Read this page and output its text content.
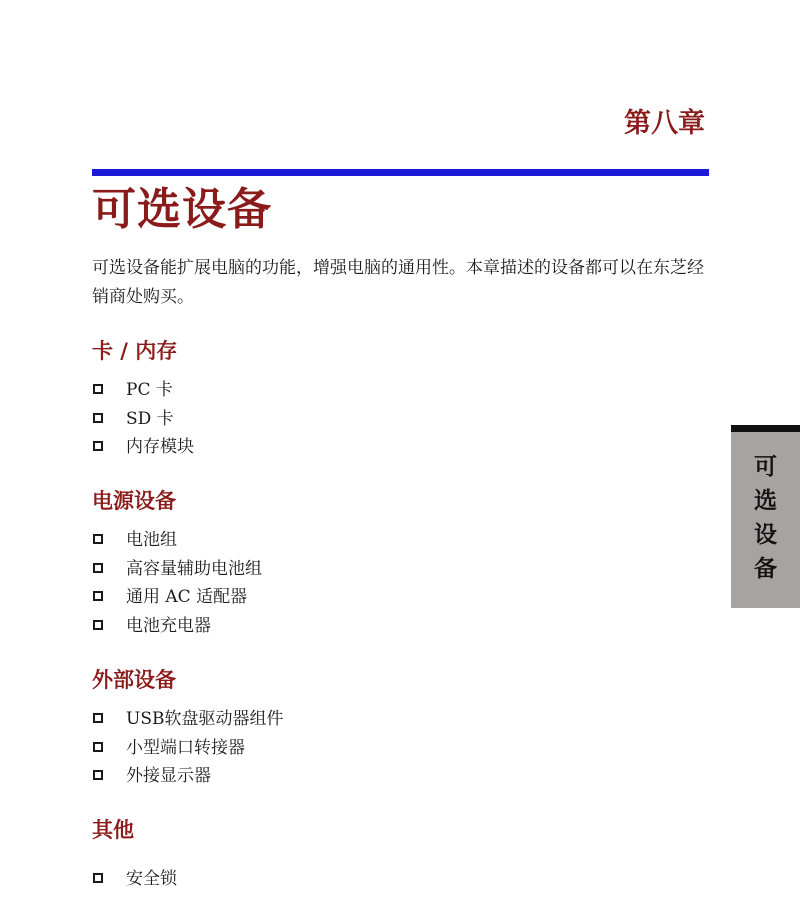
第八章
可选设备

可选设备能扩展电脑的功能，增强电脑的通用性。本章描述的设备都可以在东芝经销商处购买。

卡 / 内存
PC 卡
SD 卡
内存模块
电源设备
电池组
高容量辅助电池组
通用 AC 适配器
电池充电器
外部设备
USB软盘驱动器组件
小型端口转接器
外接显示器
其他
安全锁
可
选
设
备
